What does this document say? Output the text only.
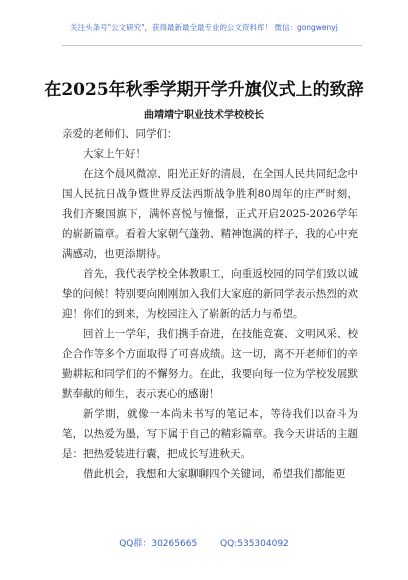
关注头条号"公文研究"，获得最新最全最专业的公文资料库！ 微信：gongwenyj
在2025年秋季学期开学升旗仪式上的致辞
曲靖靖宁职业技术学校校长

亲爱的老师们、同学们：

大家上午好！

在这个晨风微凉、阳光正好的清晨，在全国人民共同纪念中国人民抗日战争暨世界反法西斯战争胜利80周年的庄严时刻，我们齐聚国旗下，满怀喜悦与憧憬，正式开启2025-2026学年的崭新篇章。看着大家朝气蓬勃、精神饱满的样子，我的心中充满感动，也更添期待。

首先，我代表学校全体教职工，向重返校园的同学们致以诚挚的问候！特别要向刚刚加入我们大家庭的新同学表示热烈的欢迎！你们的到来，为校园注入了崭新的活力与希望。

回首上一学年，我们携手奋进，在技能竞赛、文明风采、校企合作等多个方面取得了可喜成绩。这一切，离不开老师们的辛勤耕耘和同学们的不懈努力。在此，我要向每一位为学校发展默默奉献的师生，表示衷心的感谢！

新学期，就像一本尚未书写的笔记本，等待我们以奋斗为笔，以热爱为墨，写下属于自己的精彩篇章。我今天讲话的主题是：把热爱装进行囊，把成长写进秋天。

借此机会，我想和大家聊聊四个关键词，希望我们都能更

QQ群：30265665	QQ:535304092
